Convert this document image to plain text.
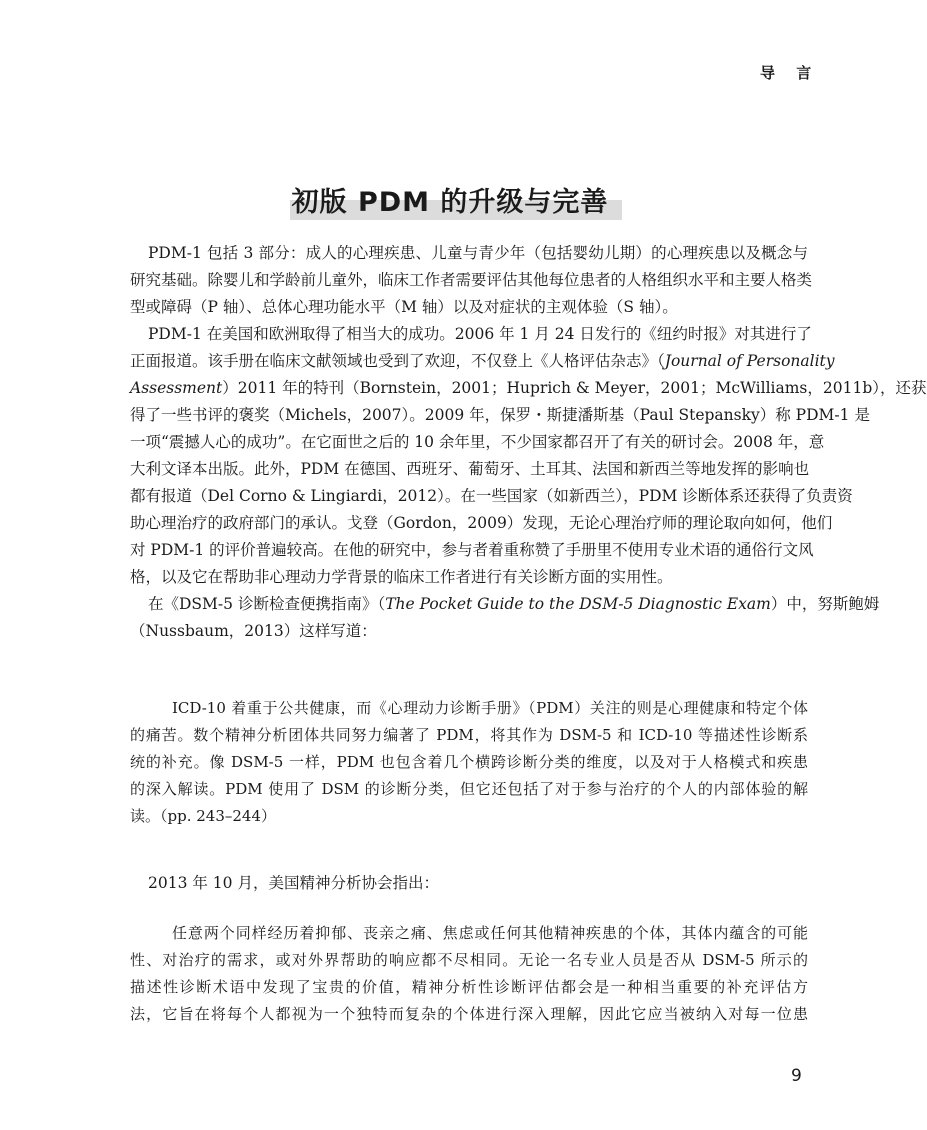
导 言
初版 PDM 的升级与完善
PDM-1 包括 3 部分：成人的心理疾患、儿童与青少年（包括婴幼儿期）的心理疾患以及概念与
研究基础。除婴儿和学龄前儿童外，临床工作者需要评估其他每位患者的人格组织水平和主要人格类
型或障碍（P 轴）、总体心理功能水平（M 轴）以及对症状的主观体验（S 轴）。
PDM-1 在美国和欧洲取得了相当大的成功。2006 年 1 月 24 日发行的《纽约时报》对其进行了
正面报道。该手册在临床文献领域也受到了欢迎，不仅登上《人格评估杂志》（Journal of Personality
Assessment）2011 年的特刊（Bornstein，2001；Huprich & Meyer，2001；McWilliams，2011b），还获
得了一些书评的褒奖（Michels，2007）。2009 年，保罗・斯捷潘斯基（Paul Stepansky）称 PDM-1 是
一项“震撼人心的成功”。在它面世之后的 10 余年里，不少国家都召开了有关的研讨会。2008 年，意
大利文译本出版。此外，PDM 在德国、西班牙、葡萄牙、土耳其、法国和新西兰等地发挥的影响也
都有报道（Del Corno & Lingiardi，2012）。在一些国家（如新西兰），PDM 诊断体系还获得了负责资
助心理治疗的政府部门的承认。戈登（Gordon，2009）发现，无论心理治疗师的理论取向如何，他们
对 PDM-1 的评价普遍较高。在他的研究中，参与者着重称赞了手册里不使用专业术语的通俗行文风
格，以及它在帮助非心理动力学背景的临床工作者进行有关诊断方面的实用性。
在《DSM-5 诊断检查便携指南》（The Pocket Guide to the DSM-5 Diagnostic Exam）中，努斯鲍姆
（Nussbaum，2013）这样写道：
ICD-10 着重于公共健康，而《心理动力诊断手册》（PDM）关注的则是心理健康和特定个体
的痛苦。数个精神分析团体共同努力编著了 PDM，将其作为 DSM-5 和 ICD-10 等描述性诊断系
统的补充。像 DSM-5 一样，PDM 也包含着几个横跨诊断分类的维度，以及对于人格模式和疾患
的深入解读。PDM 使用了 DSM 的诊断分类，但它还包括了对于参与治疗的个人的内部体验的解
读。（pp. 243–244）
2013 年 10 月，美国精神分析协会指出：
任意两个同样经历着抑郁、丧亲之痛、焦虑或任何其他精神疾患的个体，其体内蕴含的可能
性、对治疗的需求，或对外界帮助的响应都不尽相同。无论一名专业人员是否从 DSM-5 所示的
描述性诊断术语中发现了宝贵的价值，精神分析性诊断评估都会是一种相当重要的补充评估方
法，它旨在将每个人都视为一个独特而复杂的个体进行深入理解，因此它应当被纳入对每一位患
9
